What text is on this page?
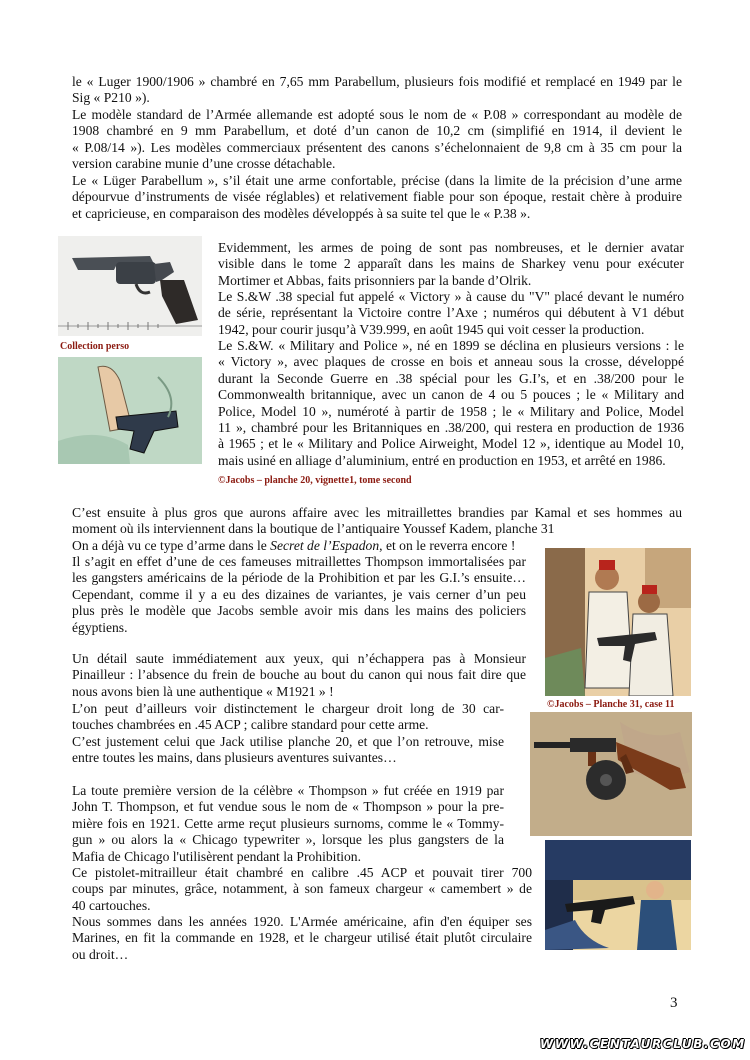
le « Luger 1900/1906 » chambré en 7,65 mm Parabellum, plusieurs fois modifié et remplacé en 1949 par le
Sig « P210 »).
Le modèle standard de l’Armée allemande est adopté sous le nom de « P.08 » correspondant au modèle de
1908 chambré en 9 mm Parabellum, et doté d’un canon de 10,2 cm (simplifié en 1914, il devient le
« P.08/14 »). Les modèles commerciaux présentent des canons s’échelonnaient de 9,8 cm à 35 cm pour la
version carabine munie d’une crosse détachable.
Le « Lüger Parabellum », s’il était une arme confortable, précise (dans la limite de la précision d’une arme
dépourvue d’instruments de visée réglables) et relativement fiable pour son époque, restait chère à produire
et capricieuse, en comparaison des modèles développés à sa suite tel que le « P.38 ».
Collection perso
Evidemment, les armes de poing de sont pas nombreuses, et le dernier avatar
visible dans le tome 2 apparaît dans les mains de Sharkey venu pour exécuter
Mortimer et Abbas, faits prisonniers par la bande d’Olrik.
Le S.&W .38 special fut appelé « Victory » à cause du "V" placé devant le numéro
de série, représentant la Victoire contre l’Axe ; numéros qui débutent à V1 début
1942, pour courir jusqu’à V39.999, en août 1945 qui voit cesser la production.
Le S.&W. « Military and Police », né en 1899 se déclina en plusieurs versions : le
« Victory », avec plaques de crosse en bois et anneau sous la crosse, développé
durant la Seconde Guerre en .38 spécial pour les G.I’s, et en .38/200 pour le
Commonwealth britannique, avec un canon de 4 ou 5 pouces ; le « Military and
Police, Model 10 », numéroté à partir de 1958 ; le « Military and Police, Model
11 », chambré pour les Britanniques en .38/200, qui restera en production de 1936
à 1965 ; et le « Military and Police Airweight, Model 12 », identique au Model 10,
mais usiné en alliage d’aluminium, entré en production en 1953, et arrêté en 1986.
©Jacobs – planche 20, vignette1, tome second
C’est ensuite à plus gros que aurons affaire avec les mitraillettes brandies par Kamal et ses hommes au
moment où ils interviennent dans la boutique de l’antiquaire Youssef Kadem, planche 31
On a déjà vu ce type d’arme dans le Secret de l’Espadon, et on le reverra encore !
Il s’agit en effet d’une de ces fameuses mitraillettes Thompson immortalisées par
les gangsters américains de la période de la Prohibition et par les G.I.’s ensuite…
Cependant, comme il y a eu des dizaines de variantes, je vais cerner d’un peu
plus près le modèle que Jacobs semble avoir mis dans les mains des policiers
égyptiens.
Un détail saute immédiatement aux yeux, qui n’échappera pas à Monsieur
Pinailleur : l’absence du frein de bouche au bout du canon qui nous fait dire que
nous avons bien là une authentique « M1921 » !
L’on peut d’ailleurs voir distinctement le chargeur droit long de 30 car-
touches chambrées en .45 ACP ; calibre standard pour cette arme.
C’est justement celui que Jack utilise planche 20, et que l’on retrouve, mise
entre toutes les mains, dans plusieurs aventures suivantes…
La toute première version de la célèbre « Thompson » fut créée en 1919 par
John T. Thompson, et fut vendue sous le nom de « Thompson » pour la pre-
mière fois en 1921. Cette arme reçut plusieurs surnoms, comme le « Tommy-
gun » ou alors la « Chicago typewriter », lorsque les plus gangsters de la
Mafia de Chicago l'utilisèrent pendant la Prohibition.
Ce pistolet-mitrailleur était chambré en calibre .45 ACP et pouvait tirer 700
coups par minutes, grâce, notamment, à son fameux chargeur « camembert » de
40 cartouches.
Nous sommes dans les années 1920. L'Armée américaine, afin d'en équiper ses
Marines, en fit la commande en 1928, et le chargeur utilisé était plutôt circulaire
ou droit…
©Jacobs – Planche 31, case 11
3
WWW.CENTAURCLUB.COM
